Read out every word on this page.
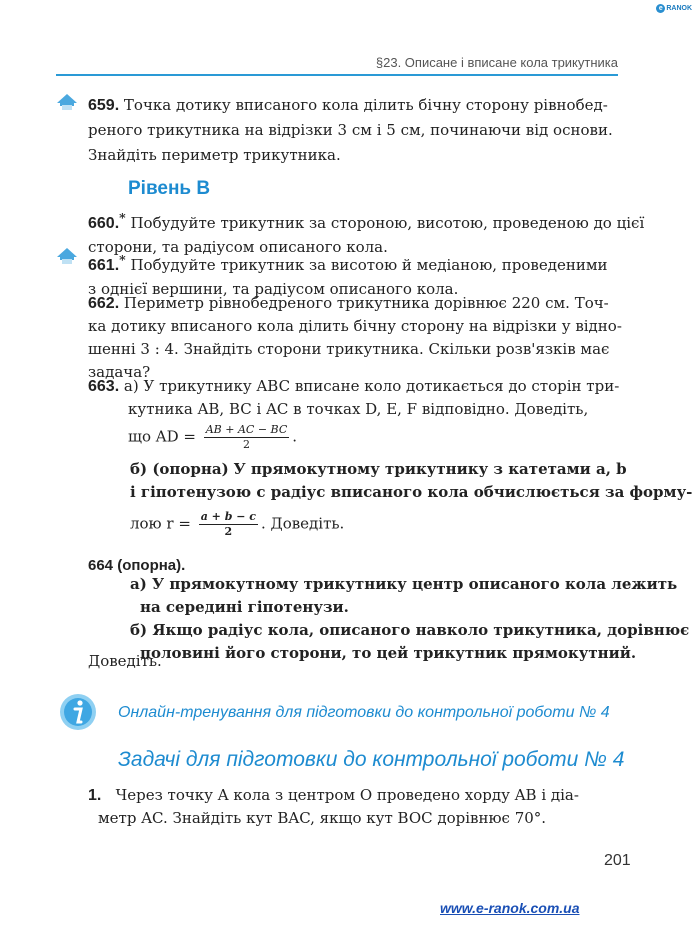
e RANOK
§23. Описане і вписане кола трикутника
659. Точка дотику вписаного кола ділить бічну сторону рівнобед-
реного трикутника на відрізки 3 см і 5 см, починаючи від основи.
Знайдіть периметр трикутника.
Рівень В
660.* Побудуйте трикутник за стороною, висотою, проведеною до цієї
сторони, та радіусом описаного кола.
661.* Побудуйте трикутник за висотою й медіаною, проведеними
з однієї вершини, та радіусом описаного кола.
662. Периметр рівнобедреного трикутника дорівнює 220 см. Точ-
ка дотику вписаного кола ділить бічну сторону на відрізки у відно-
шенні 3 : 4. Знайдіть сторони трикутника. Скільки розв'язків має
задача?
663. а) У трикутнику ABC вписане коло дотикається до сторін три-
кутника AB, BC і AC в точках D, E, F відповідно. Доведіть,
що AD = $\frac{AB + AC - BC}{2}$ .
б) (опорна) У прямокутному трикутнику з катетами a, b
і гіпотенузою c радіус вписаного кола обчислюється за форму-
лою $r = \frac{a + b - c}{2}$ . Доведіть.
664 (опорна).
а) У прямокутному трикутнику центр описаного кола лежить
на середині гіпотенузи.
б) Якщо радіус кола, описаного навколо трикутника, дорівнює
половині його сторони, то цей трикутник прямокутний.
Доведіть.
Онлайн-тренування для підготовки до контрольної роботи № 4
Задачі для підготовки до контрольної роботи № 4
1. Через точку A кола з центром O проведено хорду AB і діа-
метр AC. Знайдіть кут BAC, якщо кут BOC дорівнює 70°.
201
www.e-ranok.com.ua
